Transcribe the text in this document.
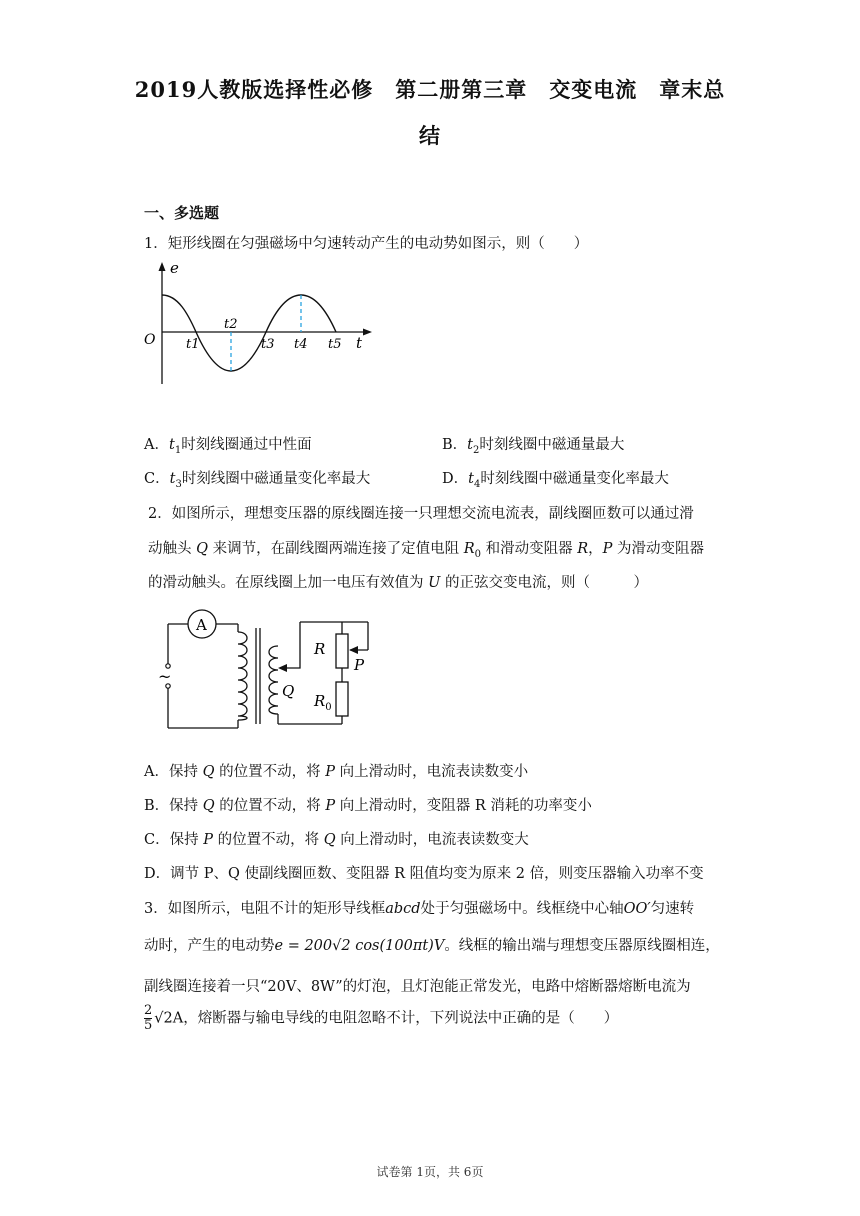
2019人教版选择性必修　第二册第三章　交变电流　章末总
结
一、多选题
1．矩形线圈在匀强磁场中匀速转动产生的电动势如图示，则（　　）
e
t
O t1
t2
t3 t4 t5
A．$t_1$时刻线圈通过中性面	B．$t_2$时刻线圈中磁通量最大
C．$t_3$时刻线圈中磁通量变化率最大	D．$t_4$时刻线圈中磁通量变化率最大
2．如图所示，理想变压器的原线圈连接一只理想交流电流表，副线圈匝数可以通过滑
动触头 Q 来调节，在副线圈两端连接了定值电阻 $R_0$ 和滑动变阻器 R，P 为滑动变阻器
的滑动触头。在原线圈上加一电压有效值为 U 的正弦交变电流，则（　　　）
A
~
R
P
Q
$R_0$
A．保持 Q 的位置不动，将 P 向上滑动时，电流表读数变小
B．保持 Q 的位置不动，将 P 向上滑动时，变阻器 R 消耗的功率变小
C．保持 P 的位置不动，将 Q 向上滑动时，电流表读数变大
D．调节 P、Q 使副线圈匝数、变阻器 R 阻值均变为原来 2 倍，则变压器输入功率不变
3．如图所示，电阻不计的矩形导线框abcd处于匀强磁场中。线框绕中心轴OO′匀速转
动时，产生的电动势e = 200√2 cos(100πt)V。线框的输出端与理想变压器原线圈相连，
副线圈连接着一只“20V、8W”的灯泡，且灯泡能正常发光，电路中熔断器熔断电流为
$\frac{2}{5} √2A$，熔断器与输电导线的电阻忽略不计，下列说法中正确的是（　　）
试卷第 1页，共 6页
